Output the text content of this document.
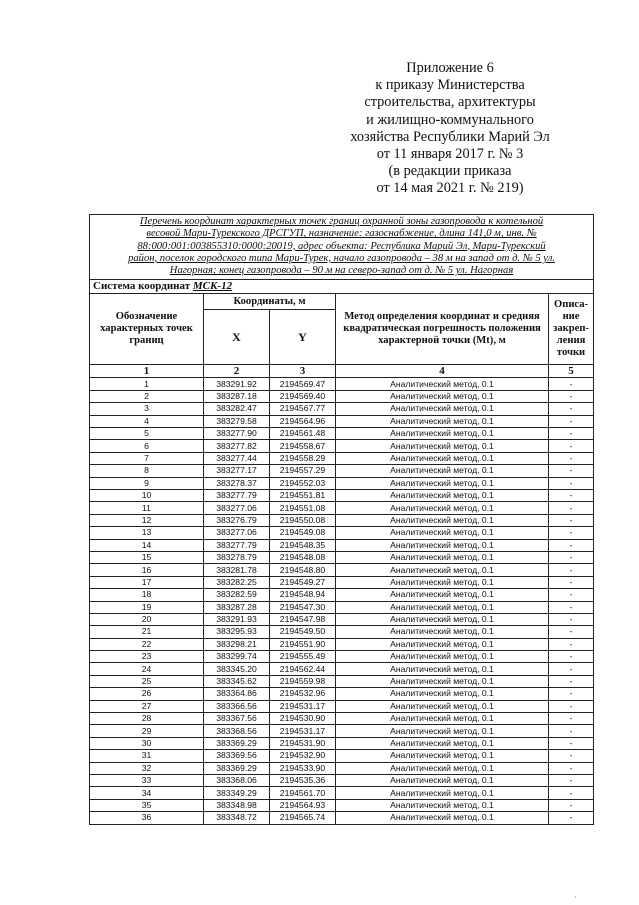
Приложение 6
к приказу Министерства
строительства, архитектуры
и жилищно-коммунального
хозяйства Республики Марий Эл
от 11 января 2017 г. № 3
(в редакции приказа
от 14 мая 2021 г. № 219)
Перечень координат характерных точек границ охранной зоны газопровода к котельной
весовой Мари-Турекского ДРСГУП, назначение: газоснабжение, длина 141,0 м, инв. №
88:000:001:003855310:0000:20019, адрес объекта: Республика Марий Эл, Мари-Турекский
район, поселок городского типа Мари-Турек, начало газопровода – 38 м на запад от д. № 5 ул.
Нагорная; конец газопровода – 90 м на северо-запад от д. № 5 ул. Нагорная				

Система координат МСК-12				
Обозначение характерных точек границ	Координаты, м		Метод определения координат и средняя квадратическая погрешность положения характерной точки (Mt), м	Описа-ние закреп-ления точки
	X	Y		
1	2	3	4	5
1	383291.92	2194569.47	Аналитический метод, 0.1	-
2	383287.18	2194569.40	Аналитический метод, 0.1	-
3	383282.47	2194567.77	Аналитический метод, 0.1	-
4	383279.58	2194564.96	Аналитический метод, 0.1	-
5	383277.90	2194561.48	Аналитический метод, 0.1	-
6	383277.82	2194558.67	Аналитический метод, 0.1	-
7	383277.44	2194558.29	Аналитический метод, 0.1	-
8	383277.17	2194557.29	Аналитический метод, 0.1	-
9	383278.37	2194552.03	Аналитический метод, 0.1	-
10	383277.79	2194551.81	Аналитический метод, 0.1	-
11	383277.06	2194551.08	Аналитический метод, 0.1	-
12	383276.79	2194550.08	Аналитический метод, 0.1	-
13	383277.06	2194549.08	Аналитический метод, 0.1	-
14	383277.79	2194548.35	Аналитический метод, 0.1	-
15	383278.79	2194548.08	Аналитический метод, 0.1	-
16	383281.78	2194548.80	Аналитический метод, 0.1	-
17	383282.25	2194549.27	Аналитический метод, 0.1	-
18	383282.59	2194548.94	Аналитический метод, 0.1	-
19	383287.28	2194547.30	Аналитический метод, 0.1	-
20	383291.93	2194547.98	Аналитический метод, 0.1	-
21	383295.93	2194549.50	Аналитический метод, 0.1	-
22	383298.21	2194551.90	Аналитический метод, 0.1	-
23	383299.74	2194555.49	Аналитический метод, 0.1	-
24	383345.20	2194562.44	Аналитический метод, 0.1	-
25	383345.62	2194559.98	Аналитический метод, 0.1	-
26	383364.86	2194532.96	Аналитический метод, 0.1	-
27	383366.56	2194531.17	Аналитический метод, 0.1	-
28	383367.56	2194530.90	Аналитический метод, 0.1	-
29	383368.56	2194531.17	Аналитический метод, 0.1	-
30	383369.29	2194531.90	Аналитический метод, 0.1	-
31	383369.56	2194532.90	Аналитический метод, 0.1	-
32	383369.29	2194533.90	Аналитический метод, 0.1	-
33	383368.06	2194535.36	Аналитический метод, 0.1	-
34	383349.29	2194561.70	Аналитический метод, 0.1	-
35	383348.98	2194564.93	Аналитический метод, 0.1	-
36	383348.72	2194565.74	Аналитический метод, 0.1	-
·
